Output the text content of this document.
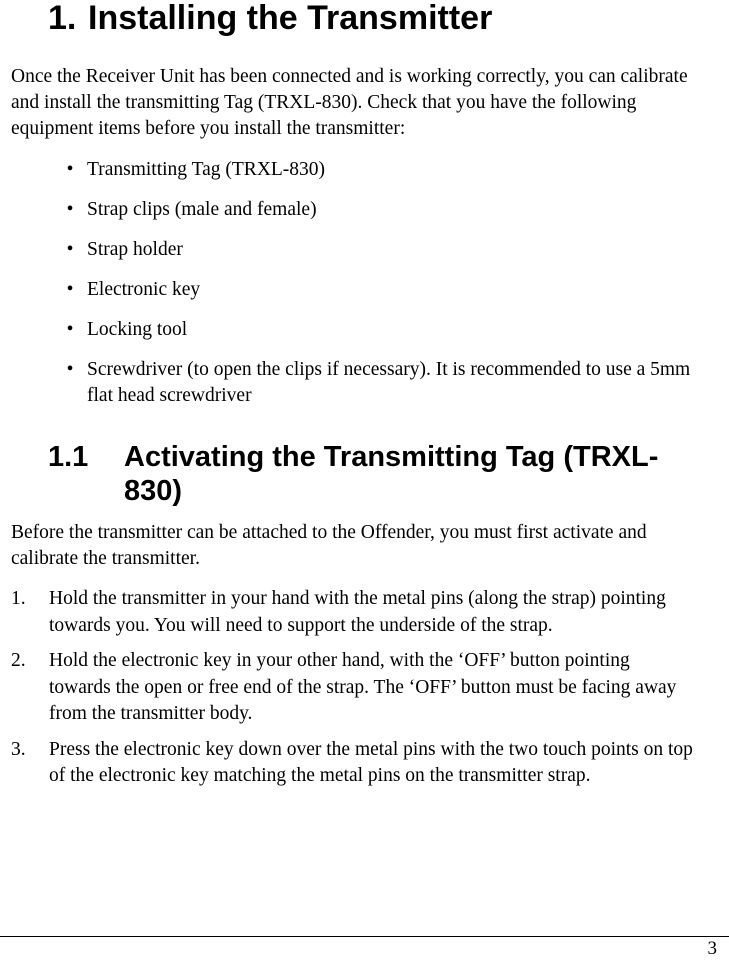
1. Installing the Transmitter

Once the Receiver Unit has been connected and is working correctly, you can calibrate and install the transmitting Tag (TRXL-830). Check that you have the following equipment items before you install the transmitter:

• Transmitting Tag (TRXL-830)
• Strap clips (male and female)
• Strap holder
• Electronic key
• Locking tool
• Screwdriver (to open the clips if necessary). It is recommended to use a 5mm flat head screwdriver
1.1 Activating the Transmitting Tag (TRXL-830)

Before the transmitter can be attached to the Offender, you must first activate and calibrate the transmitter.

1. Hold the transmitter in your hand with the metal pins (along the strap) pointing towards you. You will need to support the underside of the strap.
2. Hold the electronic key in your other hand, with the ‘OFF’ button pointing towards the open or free end of the strap. The ‘OFF’ button must be facing away from the transmitter body.
3. Press the electronic key down over the metal pins with the two touch points on top of the electronic key matching the metal pins on the transmitter strap.
3
